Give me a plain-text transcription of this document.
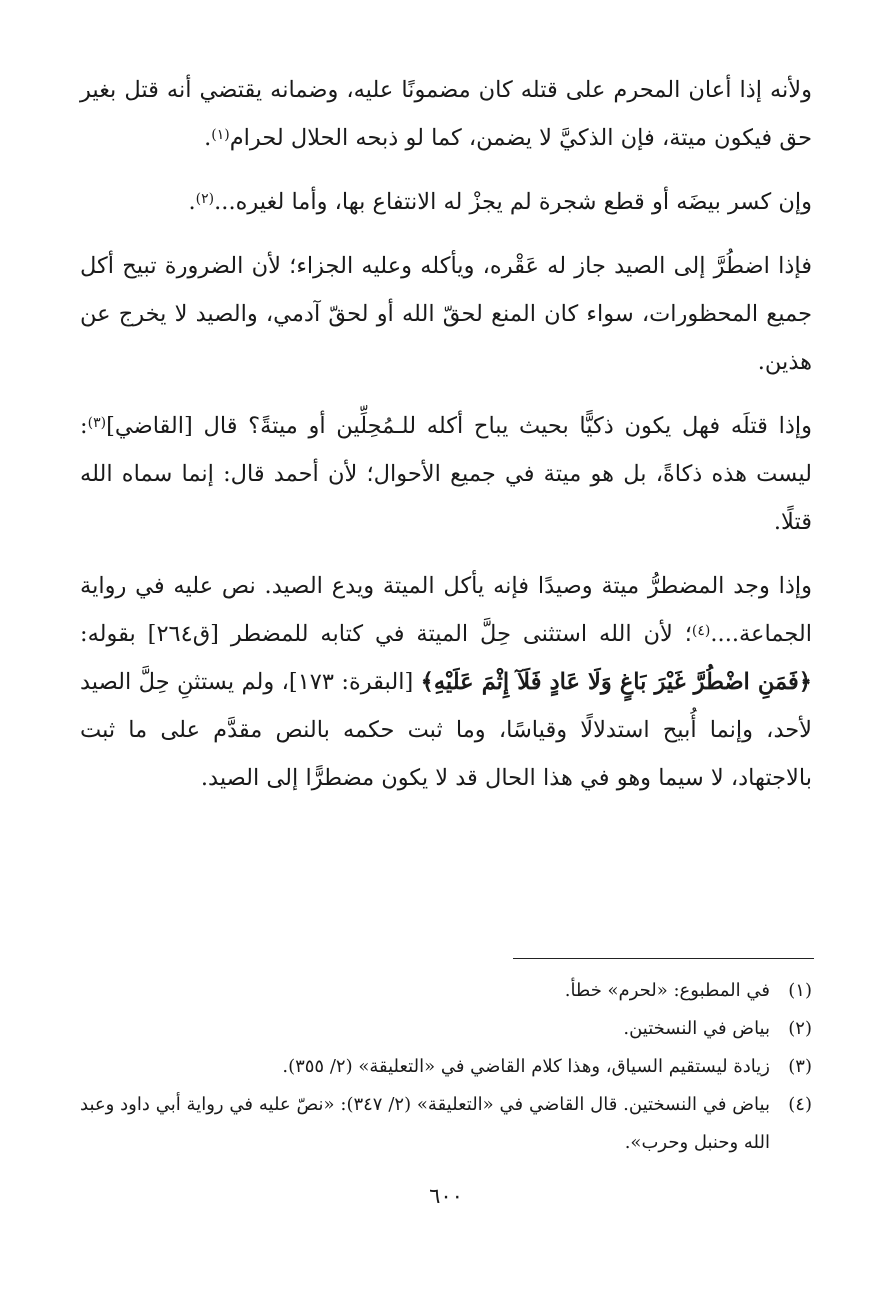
ولأنه إذا أعان المحرم على قتله كان مضمونًا عليه، وضمانه يقتضي أنه قتل بغير حق فيكون ميتة، فإن الذكيَّ لا يضمن، كما لو ذبحه الحلال لحرام$^{(١)}$.

وإن كسر بيضَه أو قطع شجرة لم يجزْ له الانتفاع بها، وأما لغيره...$^{(٢)}$.

فإذا اضطُرَّ إلى الصيد جاز له عَقْره، ويأكله وعليه الجزاء؛ لأن الضرورة تبيح أكل جميع المحظورات، سواء كان المنع لحقّ الله أو لحقّ آدمي، والصيد لا يخرج عن هذين.

وإذا قتلَه فهل يكون ذكيًّا بحيث يباح أكله للـمُحِلِّين أو ميتةً؟ قال [القاضي]$^{(٣)}$: ليست هذه ذكاةً، بل هو ميتة في جميع الأحوال؛ لأن أحمد قال: إنما سماه الله قتلًا.

وإذا وجد المضطرُّ ميتة وصيدًا فإنه يأكل الميتة ويدع الصيد. نص عليه في رواية الجماعة....$^{(٤)}$؛ لأن الله استثنى حِلَّ الميتة في كتابه للمضطر [ق٢٦٤] بقوله: ﴿فَمَنِ اضْطُرَّ غَيْرَ بَاغٍ وَلَا عَادٍ فَلَآ إِثْمَ عَلَيْهِ﴾ [البقرة: ١٧٣]، ولم يستثنِ حِلَّ الصيد لأحد، وإنما أُبيح استدلالًا وقياسًا، وما ثبت حكمه بالنص مقدَّم على ما ثبت بالاجتهاد، لا سيما وهو في هذا الحال قد لا يكون مضطرًّا إلى الصيد.

(١)
في المطبوع: «لحرم» خطأ.
(٢)
بياض في النسختين.
(٣)
زيادة ليستقيم السياق، وهذا كلام القاضي في «التعليقة» (٢/ ٣٥٥).
(٤)
بياض في النسختين. قال القاضي في «التعليقة» (٢/ ٣٤٧): «نصّ عليه في رواية أبي داود وعبد الله وحنبل وحرب».
٦٠٠
